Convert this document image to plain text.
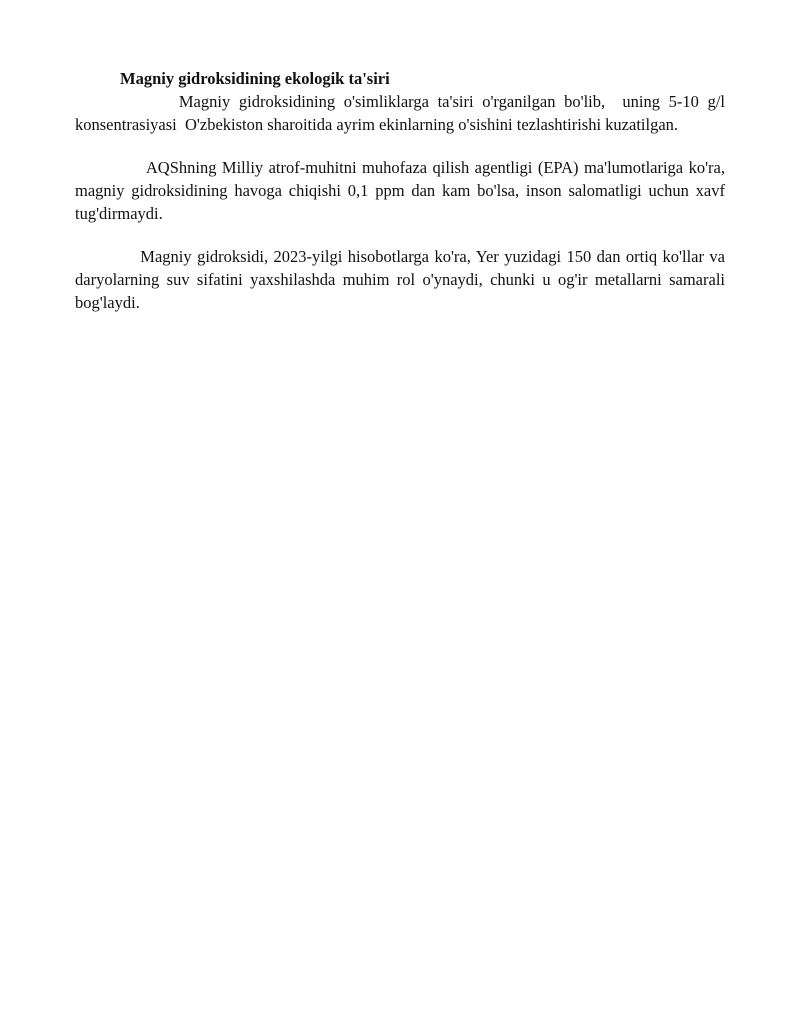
Magniy gidroksidining ekologik ta'siri

Magniy gidroksidining o'simliklarga ta'siri o'rganilgan bo'lib,  uning 5-10 g/l konsentrasiyasi  O'zbekiston sharoitida ayrim ekinlarning o'sishini tezlashtirishi kuzatilgan.

AQShning Milliy atrof-muhitni muhofaza qilish agentligi (EPA) ma'lumotlariga ko'ra, magniy gidroksidining havoga chiqishi 0,1 ppm dan kam bo'lsa, inson salomatligi uchun xavf tug'dirmaydi.

Magniy gidroksidi, 2023-yilgi hisobotlarga ko'ra, Yer yuzidagi 150 dan ortiq ko'llar va daryolarning suv sifatini yaxshilashda muhim rol o'ynaydi, chunki u og'ir metallarni samarali bog'laydi.
